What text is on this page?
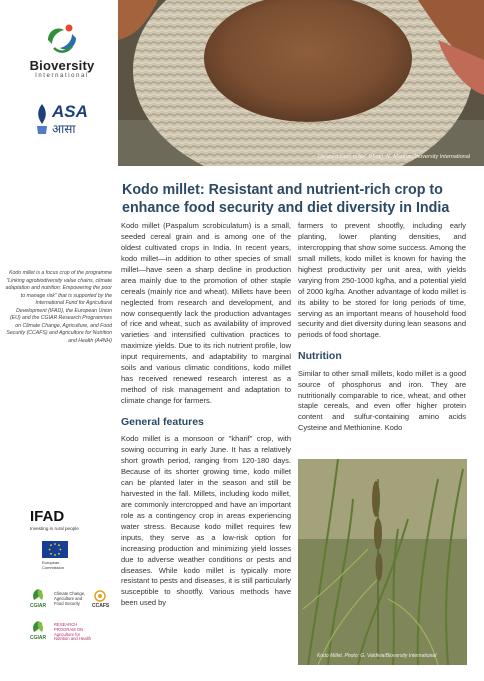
Bioversity
International
ASA
आसा
Kodo millet is a focus crop of the programme "Linking agrobiodiversity value chains, climate adaptation and nutrition: Empowering the poor to manage risk" that is supported by the International Fund for Agricultural Development (IFAD), the European Union (EU) and the CGIAR Research Programmes on Climate Change, Agriculture, and Food Security (CCAFS) and Agriculture for Nutrition and Health (A4NH)
IFAD
Investing in rural people
European Commission
CGIAR
Climate Change, Agriculture and Food Security	CCAFS
CGIAR
RESEARCH PROGRAM ON Agriculture for Nutrition and Health
Cleaned kodo millet. Photo: N. Madhav/Bioversity International
Kodo millet: Resistant and nutrient-rich crop to enhance food security and diet diversity in India

Kodo millet (Paspalum scrobiculatum) is a small, seeded cereal grain and is among one of the oldest cultivated crops in India. In recent years, kodo millet—in addition to other species of small millet—have seen a sharp decline in production area mainly due to the promotion of other staple cereals (mainly rice and wheat). Millets have been neglected from research and development, and now consequently lack the production advantages of rice and wheat, such as availability of improved varieties and intensified cultivation practices to maximize yields. Due to its rich nutrient profile, low input requirements, and adaptability to marginal soils and various climatic conditions, kodo millet has received renewed research interest as a method of risk management and adaptation to climate change for farmers.

General features

Kodo millet is a monsoon or "kharif" crop, with sowing occurring in early June. It has a relatively short growth period, ranging from 120-180 days. Because of its shorter growing time, kodo millet can be planted later in the season and still be harvested in the fall. Millets, including kodo millet, are commonly intercropped and have an important role as a contingency crop in areas experiencing water stress. Because kodo millet requires few inputs, they serve as a low-risk option for increasing production and minimizing yield losses due to adverse weather conditions or pests and diseases. While kodo millet is typically more resistant to pests and diseases, it is still particularly susceptible to shootfly. Various methods have been used by

farmers to prevent shootfly, including early planting, lower planting densities, and intercropping that show some success. Among the small millets, kodo millet is known for having the highest productivity per unit area, with yields varying from 250-1000 kg/ha, and a potential yield of 2000 kg/ha. Another advantage of kodo millet is its ability to be stored for long periods of time, serving as an important means of household food security and diet diversity during lean seasons and periods of food shortage.

Nutrition

Similar to other small millets, kodo millet is a good source of phosphorus and iron. They are nutritionally comparable to rice, wheat, and other staple cereals, and even offer higher protein content and sulfur-containing amino acids Cysteine and Methionine. Kodo

Kodo Millet. Photo: G. Valdivia/Bioversity International
